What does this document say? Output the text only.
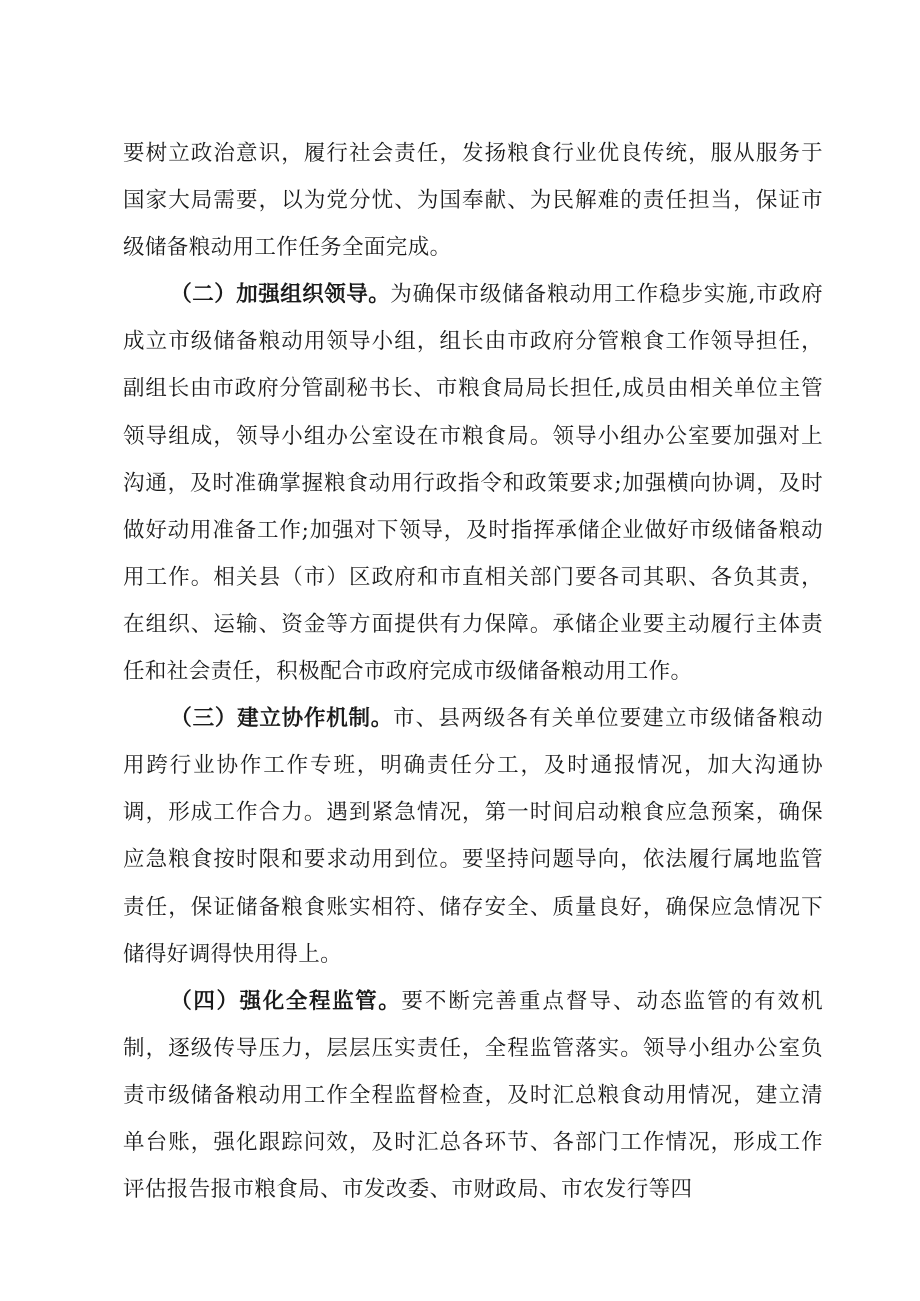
要树立政治意识，履行社会责任，发扬粮食行业优良传统，服从服务于国家大局需要，以为党分忧、为国奉献、为民解难的责任担当，保证市级储备粮动用工作任务全面完成。

（二）加强组织领导。为确保市级储备粮动用工作稳步实施,市政府成立市级储备粮动用领导小组，组长由市政府分管粮食工作领导担任，副组长由市政府分管副秘书长、市粮食局局长担任,成员由相关单位主管领导组成，领导小组办公室设在市粮食局。领导小组办公室要加强对上沟通，及时准确掌握粮食动用行政指令和政策要求;加强横向协调，及时做好动用准备工作;加强对下领导，及时指挥承储企业做好市级储备粮动用工作。相关县（市）区政府和市直相关部门要各司其职、各负其责，在组织、运输、资金等方面提供有力保障。承储企业要主动履行主体责任和社会责任，积极配合市政府完成市级储备粮动用工作。

（三）建立协作机制。市、县两级各有关单位要建立市级储备粮动用跨行业协作工作专班，明确责任分工，及时通报情况，加大沟通协调，形成工作合力。遇到紧急情况，第一时间启动粮食应急预案，确保应急粮食按时限和要求动用到位。要坚持问题导向，依法履行属地监管责任，保证储备粮食账实相符、储存安全、质量良好，确保应急情况下储得好调得快用得上。

（四）强化全程监管。要不断完善重点督导、动态监管的有效机制，逐级传导压力，层层压实责任，全程监管落实。领导小组办公室负责市级储备粮动用工作全程监督检查，及时汇总粮食动用情况，建立清单台账，强化跟踪问效，及时汇总各环节、各部门工作情况，形成工作评估报告报市粮食局、市发改委、市财政局、市农发行等四
